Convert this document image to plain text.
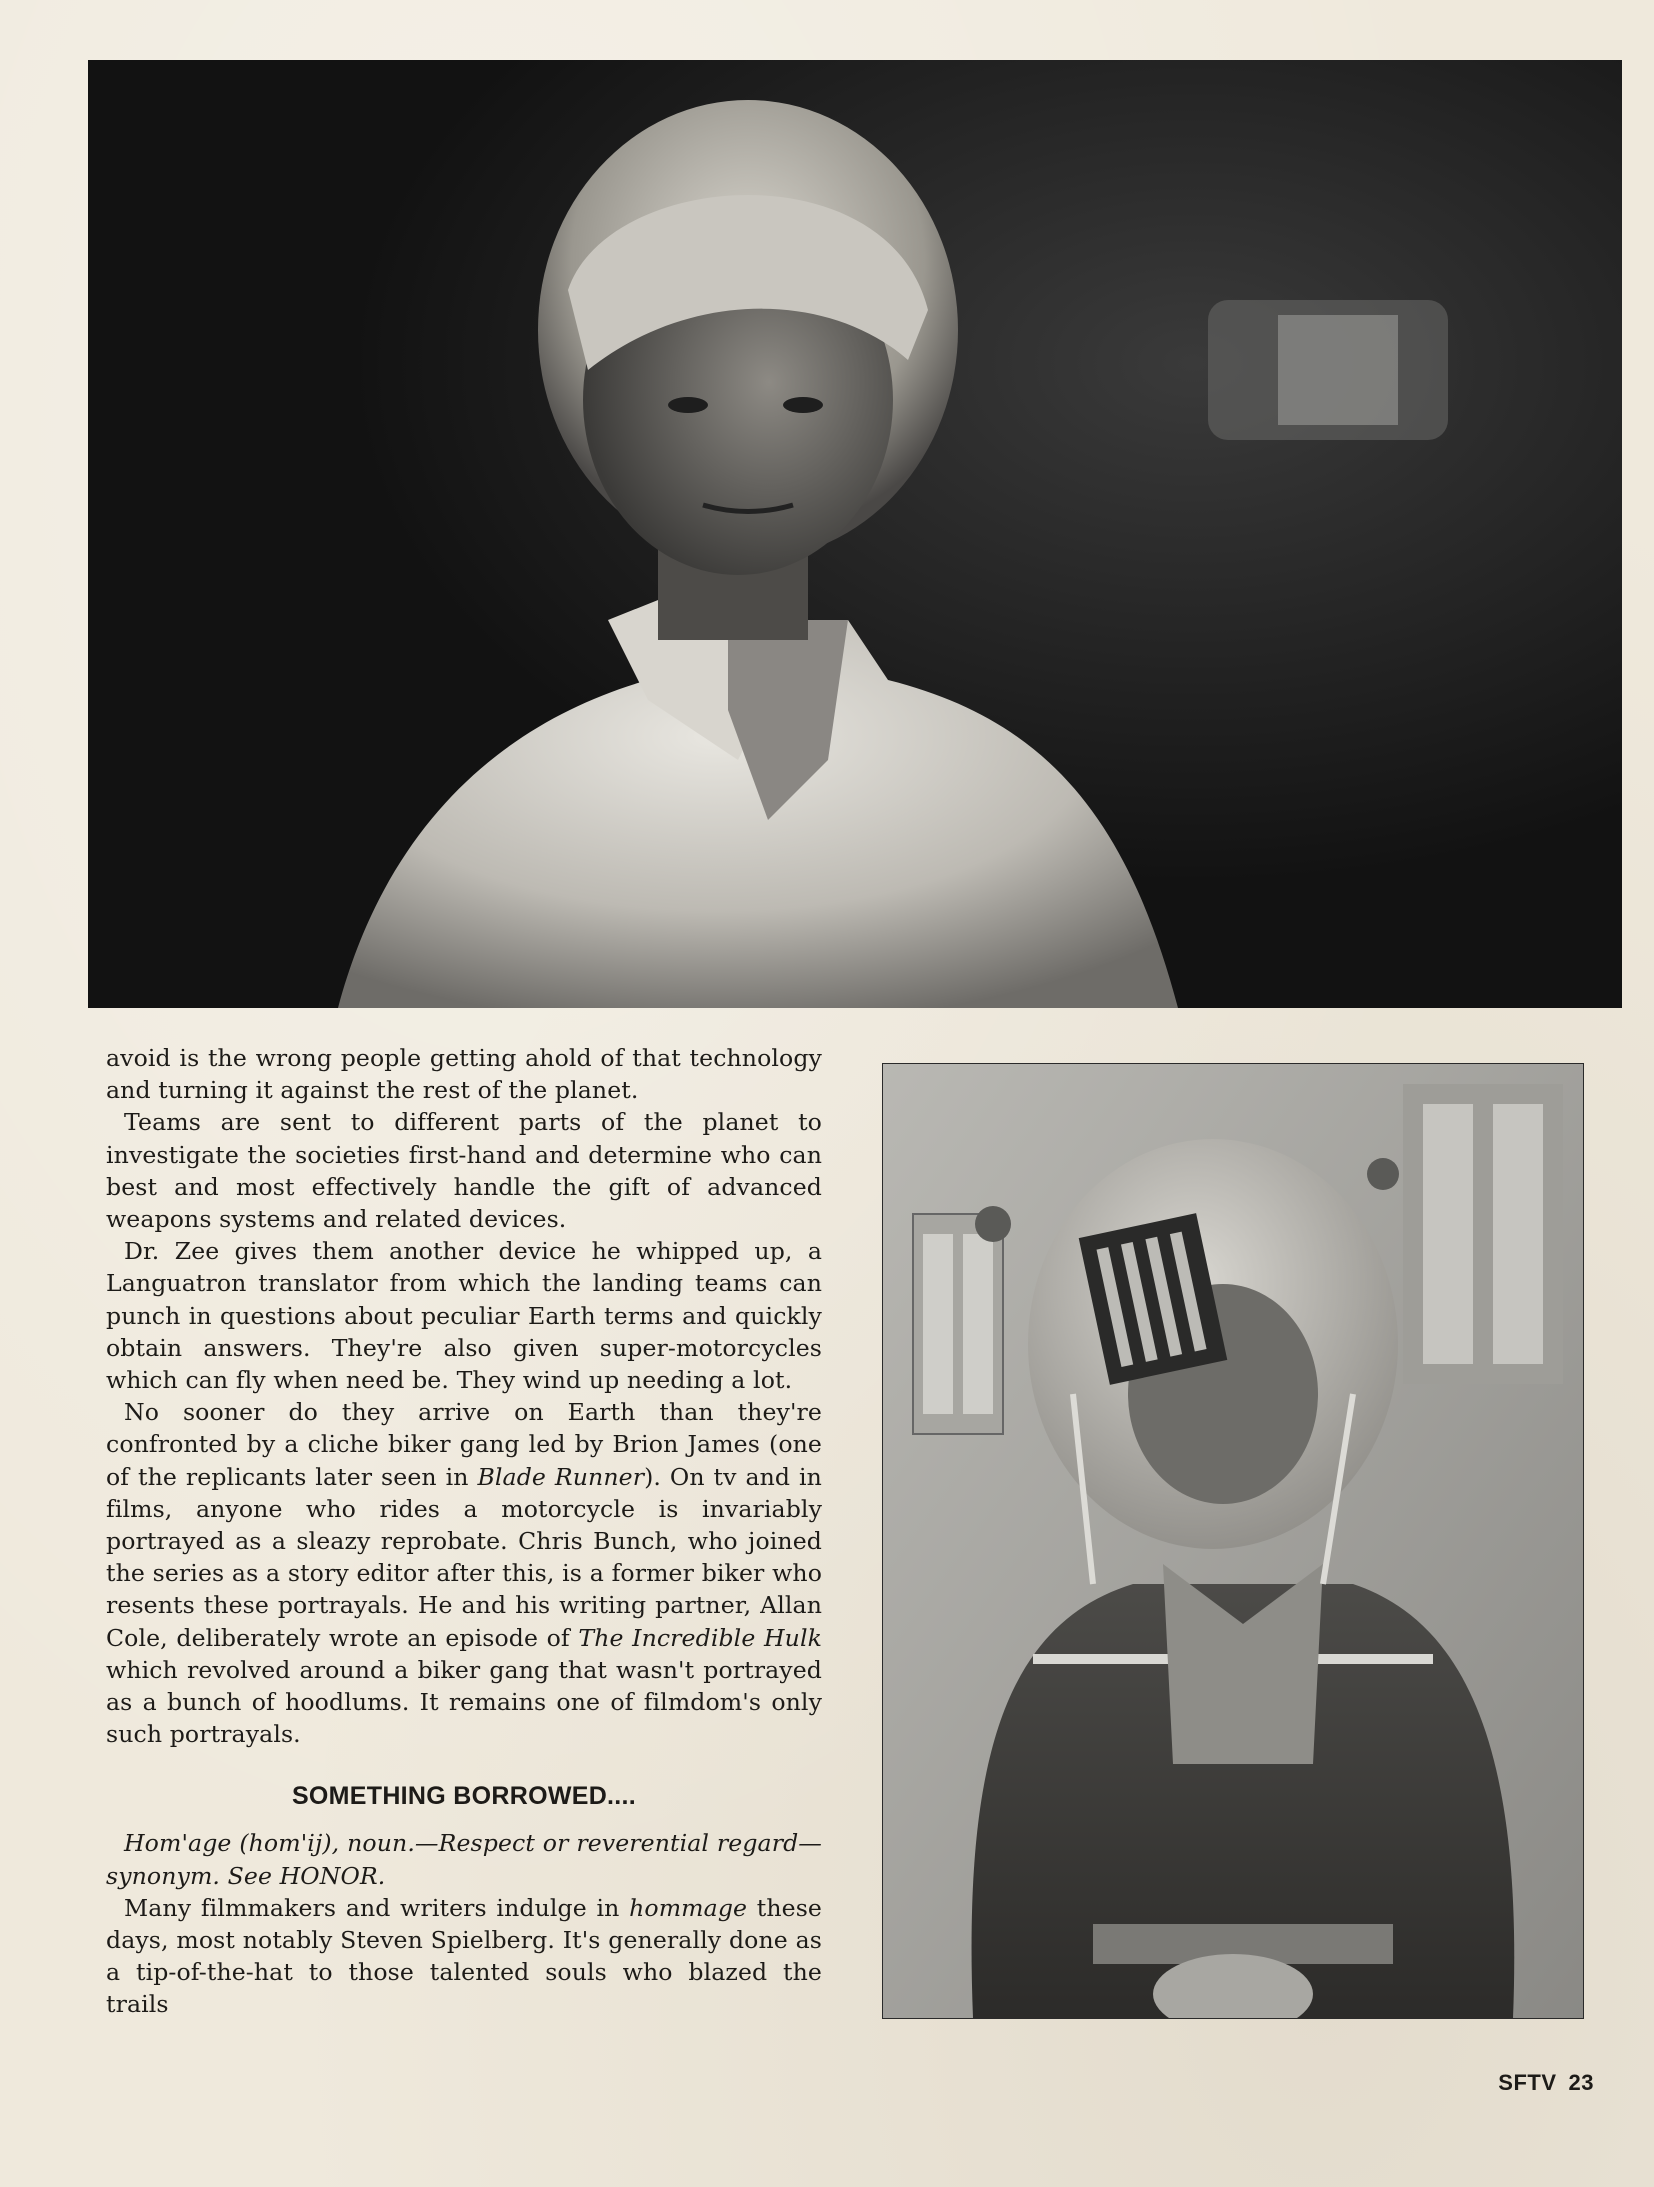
avoid is the wrong people getting ahold of that technology and turning it against the rest of the planet.

Teams are sent to different parts of the planet to investigate the societies first-hand and determine who can best and most effectively handle the gift of advanced weapons systems and related devices.

Dr. Zee gives them another device he whipped up, a Languatron translator from which the landing teams can punch in questions about peculiar Earth terms and quickly obtain answers. They're also given super-motorcycles which can fly when need be. They wind up needing a lot.

No sooner do they arrive on Earth than they're confronted by a cliche biker gang led by Brion James (one of the replicants later seen in Blade Runner). On tv and in films, anyone who rides a motorcycle is invariably portrayed as a sleazy reprobate. Chris Bunch, who joined the series as a story editor after this, is a former biker who resents these portrayals. He and his writing partner, Allan Cole, deliberately wrote an episode of The Incredible Hulk which revolved around a biker gang that wasn't portrayed as a bunch of hoodlums. It remains one of filmdom's only such portrayals.

SOMETHING BORROWED....

Hom'age (hom'ij), noun.—Respect or reverential regard—synonym. See HONOR.

Many filmmakers and writers indulge in hommage these days, most notably Steven Spielberg. It's generally done as a tip-of-the-hat to those talented souls who blazed the trails

SFTV 23
